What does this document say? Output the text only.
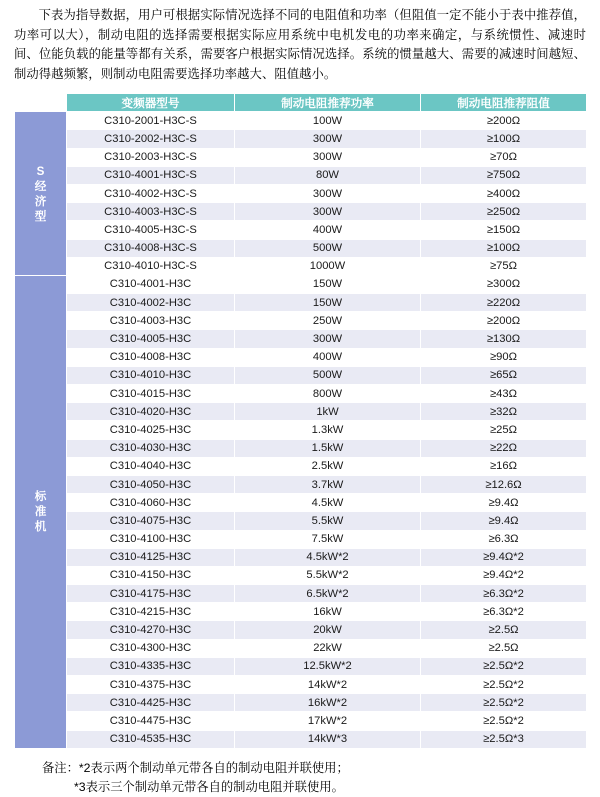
下表为指导数据，用户可根据实际情况选择不同的电阻值和功率（但阻值一定不能小于表中推荐值，功率可以大），制动电阻的选择需要根据实际应用系统中电机发电的功率来确定，与系统惯性、减速时间、位能负载的能量等都有关系，需要客户根据实际情况选择。系统的惯量越大、需要的减速时间越短、制动得越频繁，则制动电阻需要选择功率越大、阻值越小。

	变频器型号	制动电阻推荐功率	制动电阻推荐阻值

S
经
济
型	C310-2001-H3C-S	100W	≥200Ω
	C310-2002-H3C-S	300W	≥100Ω
	C310-2003-H3C-S	300W	≥70Ω
	C310-4001-H3C-S	80W	≥750Ω
	C310-4002-H3C-S	300W	≥400Ω
	C310-4003-H3C-S	300W	≥250Ω
	C310-4005-H3C-S	400W	≥150Ω
	C310-4008-H3C-S	500W	≥100Ω
	C310-4010-H3C-S	1000W	≥75Ω

标
准
机	C310-4001-H3C	150W	≥300Ω
	C310-4002-H3C	150W	≥220Ω
	C310-4003-H3C	250W	≥200Ω
	C310-4005-H3C	300W	≥130Ω
	C310-4008-H3C	400W	≥90Ω
	C310-4010-H3C	500W	≥65Ω
	C310-4015-H3C	800W	≥43Ω
	C310-4020-H3C	1kW	≥32Ω
	C310-4025-H3C	1.3kW	≥25Ω
	C310-4030-H3C	1.5kW	≥22Ω
	C310-4040-H3C	2.5kW	≥16Ω
	C310-4050-H3C	3.7kW	≥12.6Ω
	C310-4060-H3C	4.5kW	≥9.4Ω
	C310-4075-H3C	5.5kW	≥9.4Ω
	C310-4100-H3C	7.5kW	≥6.3Ω
	C310-4125-H3C	4.5kW*2	≥9.4Ω*2
	C310-4150-H3C	5.5kW*2	≥9.4Ω*2
	C310-4175-H3C	6.5kW*2	≥6.3Ω*2
	C310-4215-H3C	16kW	≥6.3Ω*2
	C310-4270-H3C	20kW	≥2.5Ω
	C310-4300-H3C	22kW	≥2.5Ω
	C310-4335-H3C	12.5kW*2	≥2.5Ω*2
	C310-4375-H3C	14kW*2	≥2.5Ω*2
	C310-4425-H3C	16kW*2	≥2.5Ω*2
	C310-4475-H3C	17kW*2	≥2.5Ω*2
	C310-4535-H3C	14kW*3	≥2.5Ω*3
备注：*2表示两个制动单元带各自的制动电阻并联使用；
*3表示三个制动单元带各自的制动电阻并联使用。
